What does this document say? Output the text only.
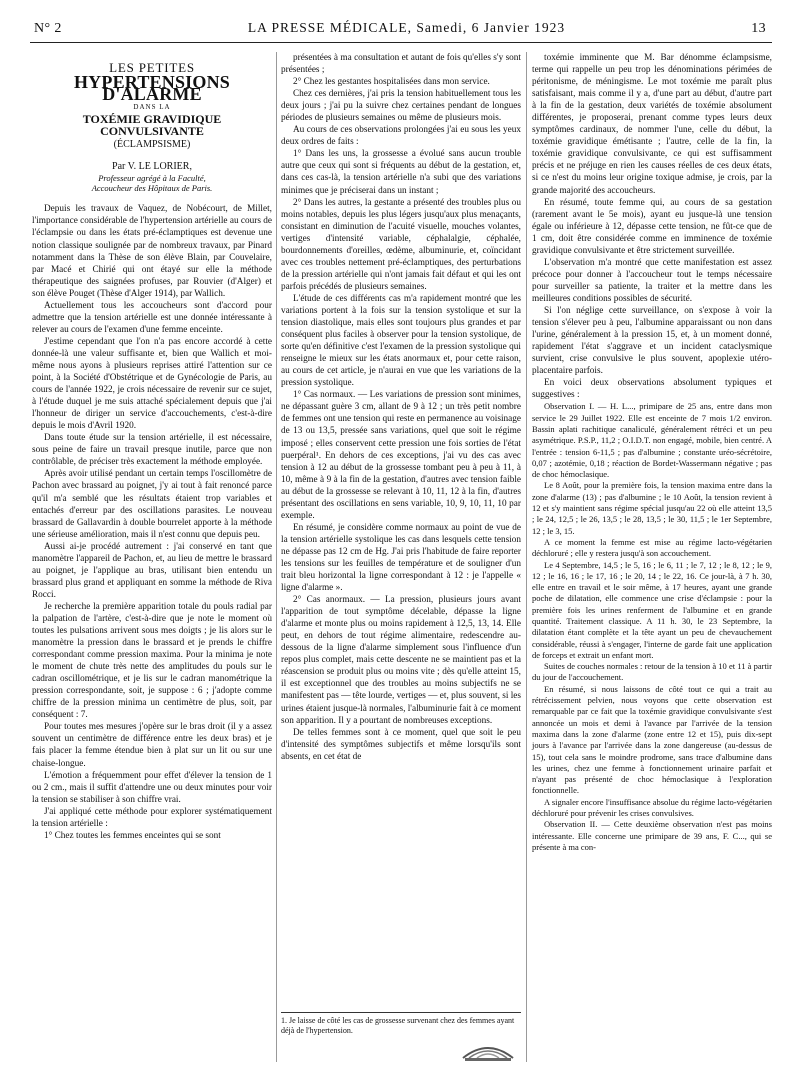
N° 2	LA PRESSE MÉDICALE, Samedi, 6 Janvier 1923	13
LES PETITES
HYPERTENSIONS D'ALARME
DANS LA
TOXÉMIE GRAVIDIQUE CONVULSIVANTE
(ÉCLAMPSISME)
Par V. LE LORIER,
Professeur agrégé à la Faculté,
Accoucheur des Hôpitaux de Paris.

Depuis les travaux de Vaquez, de Nobécourt, de Millet, l'importance considérable de l'hypertension artérielle au cours de l'éclampsie ou dans les états pré-éclamptiques est devenue une notion classique soulignée par de nombreux travaux, par Pinard notamment dans la Thèse de son élève Blain, par Couvelaire, par Macé et Chirié qui ont étayé sur elle la méthode thérapeutique des saignées profuses, par Rouvier (d'Alger) et son élève Pouget (Thèse d'Alger 1914), par Wallich.

Actuellement tous les accoucheurs sont d'accord pour admettre que la tension artérielle est une donnée intéressante à relever au cours de l'examen d'une femme enceinte.

J'estime cependant que l'on n'a pas encore accordé à cette donnée-là une valeur suffisante et, bien que Wallich et moi-même nous ayons à plusieurs reprises attiré l'attention sur ce point, à la Société d'Obstétrique et de Gynécologie de Paris, au cours de l'année 1922, je crois nécessaire de revenir sur ce sujet, à l'étude duquel je me suis attaché spécialement depuis que j'ai l'honneur de diriger un service d'accouchements, c'est-à-dire depuis le mois d'Avril 1920.

Dans toute étude sur la tension artérielle, il est nécessaire, sous peine de faire un travail presque inutile, parce que non contrôlable, de préciser très exactement la méthode employée.

Après avoir utilisé pendant un certain temps l'oscillomètre de Pachon avec brassard au poignet, j'y ai tout à fait renoncé parce qu'il m'a semblé que les résultats étaient trop variables et entachés d'erreur par des oscillations parasites. Le nouveau brassard de Gallavardin à double bourrelet apporte à la méthode une sérieuse amélioration, mais il n'est connu que depuis peu.

Aussi ai-je procédé autrement : j'ai conservé en tant que manomètre l'appareil de Pachon, et, au lieu de mettre le brassard au poignet, je l'applique au bras, utilisant bien entendu un brassard plus grand et appliquant en somme la méthode de Riva Rocci.

Je recherche la première apparition totale du pouls radial par la palpation de l'artère, c'est-à-dire que je note le moment où toutes les pulsations arrivent sous mes doigts ; je lis alors sur le manomètre la pression dans le brassard et je prends le chiffre correspondant comme pression maxima. Pour la minima je note le moment de chute très nette des amplitudes du pouls sur le cadran oscillométrique, et je lis sur le cadran manométrique la pression correspondante, soit, je suppose : 6 ; j'adopte comme chiffre de la pression minima un centimètre de plus, soit, par conséquent : 7.

Pour toutes mes mesures j'opère sur le bras droit (il y a assez souvent un centimètre de différence entre les deux bras) et je fais placer la femme étendue bien à plat sur un lit ou sur une chaise-longue.

L'émotion a fréquemment pour effet d'élever la tension de 1 ou 2 cm., mais il suffit d'attendre une ou deux minutes pour voir la tension se stabiliser à son chiffre vrai.

J'ai appliqué cette méthode pour explorer systématiquement la tension artérielle :

1° Chez toutes les femmes enceintes qui se sont

présentées à ma consultation et autant de fois qu'elles s'y sont présentées ;

2° Chez les gestantes hospitalisées dans mon service.

Chez ces dernières, j'ai pris la tension habituellement tous les deux jours ; j'ai pu la suivre chez certaines pendant de longues périodes de plusieurs semaines ou même de plusieurs mois.

Au cours de ces observations prolongées j'ai eu sous les yeux deux ordres de faits :

1° Dans les uns, la grossesse a évolué sans aucun trouble autre que ceux qui sont si fréquents au début de la gestation, et, dans ces cas-là, la tension artérielle n'a subi que des variations minimes que je préciserai dans un instant ;

2° Dans les autres, la gestante a présenté des troubles plus ou moins notables, depuis les plus légers jusqu'aux plus menaçants, consistant en diminution de l'acuité visuelle, mouches volantes, vertiges d'intensité variable, céphalalgie, céphalée, bourdonnements d'oreilles, œdème, albuminurie, et, coïncidant avec ces troubles nettement pré-éclamptiques, des perturbations de la pression artérielle qui n'ont jamais fait défaut et qui les ont parfois précédés de plusieurs semaines.

L'étude de ces différents cas m'a rapidement montré que les variations portent à la fois sur la tension systolique et sur la tension diastolique, mais elles sont toujours plus grandes et par conséquent plus faciles à observer pour la tension systolique, de sorte qu'en définitive c'est l'examen de la pression systolique qui renseigne le mieux sur les états anormaux et, pour cette raison, au cours de cet article, je n'aurai en vue que les variations de la pression systolique.

1° Cas normaux. — Les variations de pression sont minimes, ne dépassant guère 3 cm, allant de 9 à 12 ; un très petit nombre de femmes ont une tension qui reste en permanence au voisinage de 13 ou 13,5, pressée sans variations, quel que soit le régime imposé ; elles conservent cette pression une fois sorties de l'état puerpéral¹. En dehors de ces exceptions, j'ai vu des cas avec tension à 12 au début de la grossesse tombant peu à peu à 11, à 10, même à 9 à la fin de la gestation, d'autres avec tension faible au début de la grossesse se relevant à 10, 11, 12 à la fin, d'autres présentant des oscillations en sens variable, 10, 9, 10, 11, 10 par exemple.

En résumé, je considère comme normaux au point de vue de la tension artérielle systolique les cas dans lesquels cette tension ne dépasse pas 12 cm de Hg. J'ai pris l'habitude de faire reporter les tensions sur les feuilles de température et de souligner d'un trait bleu horizontal la ligne correspondant à 12 : je l'appelle « ligne d'alarme ».

2° Cas anormaux. — La pression, plusieurs jours avant l'apparition de tout symptôme décelable, dépasse la ligne d'alarme et monte plus ou moins rapidement à 12,5, 13, 14. Elle peut, en dehors de tout régime alimentaire, redescendre au-dessous de la ligne d'alarme simplement sous l'influence d'un repos plus complet, mais cette descente ne se maintient pas et la réascension se produit plus ou moins vite ; dès qu'elle atteint 15, il est exceptionnel que des troubles au moins subjectifs ne se manifestent pas — tête lourde, vertiges — et, plus souvent, si les urines étaient jusque-là normales, l'albuminurie fait à ce moment son apparition. Il y a pourtant de nombreuses exceptions.

De telles femmes sont à ce moment, quel que soit le peu d'intensité des symptômes subjectifs et même lorsqu'ils sont absents, en cet état de

1. Je laisse de côté les cas de grossesse survenant chez des femmes ayant déjà de l'hypertension.

toxémie imminente que M. Bar dénomme éclampsisme, terme qui rappelle un peu trop les dénominations périmées de péritonisme, de méningisme. Le mot toxémie me paraît plus satisfaisant, mais comme il y a, d'une part au début, d'autre part à la fin de la gestation, deux variétés de toxémie absolument différentes, je proposerai, prenant comme types leurs deux symptômes cardinaux, de nommer l'une, celle du début, la toxémie gravidique émétisante ; l'autre, celle de la fin, la toxémie gravidique convulsivante, ce qui est suffisamment précis et ne préjuge en rien les causes réelles de ces deux états, si ce n'est du moins leur origine toxique admise, je crois, par la grande majorité des accoucheurs.

En résumé, toute femme qui, au cours de sa gestation (rarement avant le 5e mois), ayant eu jusque-là une tension égale ou inférieure à 12, dépasse cette tension, ne fût-ce que de 1 cm, doit être considérée comme en imminence de toxémie gravidique convulsivante et être strictement surveillée.

L'observation m'a montré que cette manifestation est assez précoce pour donner à l'accoucheur tout le temps nécessaire pour surveiller sa patiente, la traiter et la mettre dans les meilleures conditions possibles de sécurité.

Si l'on néglige cette surveillance, on s'expose à voir la tension s'élever peu à peu, l'albumine apparaissant ou non dans l'urine, généralement à la pression 15, et, à un moment donné, rapidement l'état s'aggrave et un incident cataclysmique survient, crise convulsive le plus souvent, apoplexie utéro-placentaire parfois.

En voici deux observations absolument typiques et suggestives :

Observation I. — H. L..., primipare de 25 ans, entre dans mon service le 29 Juillet 1922. Elle est enceinte de 7 mois 1/2 environ. Bassin aplati rachitique canaliculé, généralement rétréci et un peu asymétrique. P.S.P., 11,2 ; O.I.D.T. non engagé, mobile, bien centré. A l'entrée : tension 6-11,5 ; pas d'albumine ; constante uréo-sécrétoire, 0,07 ; azotémie, 0,18 ; réaction de Bordet-Wassermann négative ; pas de choc hémoclasique.

Le 8 Août, pour la première fois, la tension maxima entre dans la zone d'alarme (13) ; pas d'albumine ; le 10 Août, la tension revient à 12 et s'y maintient sans régime spécial jusqu'au 22 où elle atteint 13,5 ; le 24, 12,5 ; le 26, 13,5 ; le 28, 13,5 ; le 30, 11,5 ; le 1er Septembre, 12 ; le 3, 15.

A ce moment la femme est mise au régime lacto-végétarien déchloruré ; elle y restera jusqu'à son accouchement.

Le 4 Septembre, 14,5 ; le 5, 16 ; le 6, 11 ; le 7, 12 ; le 8, 12 ; le 9, 12 ; le 16, 16 ; le 17, 16 ; le 20, 14 ; le 22, 16. Ce jour-là, à 7 h. 30, elle entre en travail et le soir même, à 17 heures, ayant une grande poche de dilatation, elle commence une crise d'éclampsie : pour la première fois les urines renferment de l'albumine et en grande quantité. Traitement classique. A 11 h. 30, le 23 Septembre, la dilatation étant complète et la tête ayant un peu de chevauchement considérable, réussi à s'engager, l'interne de garde fait une application de forceps et extrait un enfant mort.

Suites de couches normales : retour de la tension à 10 et 11 à partir du jour de l'accouchement.

En résumé, si nous laissons de côté tout ce qui a trait au rétrécissement pelvien, nous voyons que cette observation est remarquable par ce fait que la toxémie gravidique convulsivante s'est annoncée un mois et demi à l'avance par l'arrivée de la tension maxima dans la zone d'alarme (zone entre 12 et 15), puis dix-sept jours à l'avance par l'arrivée dans la zone dangereuse (au-dessus de 15), tout cela sans le moindre prodrome, sans trace d'albumine dans les urines, chez une femme à fonctionnement urinaire parfait et n'ayant pas présenté de choc hémoclasique à l'exploration fonctionnelle.

A signaler encore l'insuffisance absolue du régime lacto-végétarien déchloruré pour prévenir les crises convulsives.

Observation II. — Cette deuxième observation n'est pas moins intéressante. Elle concerne une primipare de 39 ans, F. C..., qui se présente à ma con-
